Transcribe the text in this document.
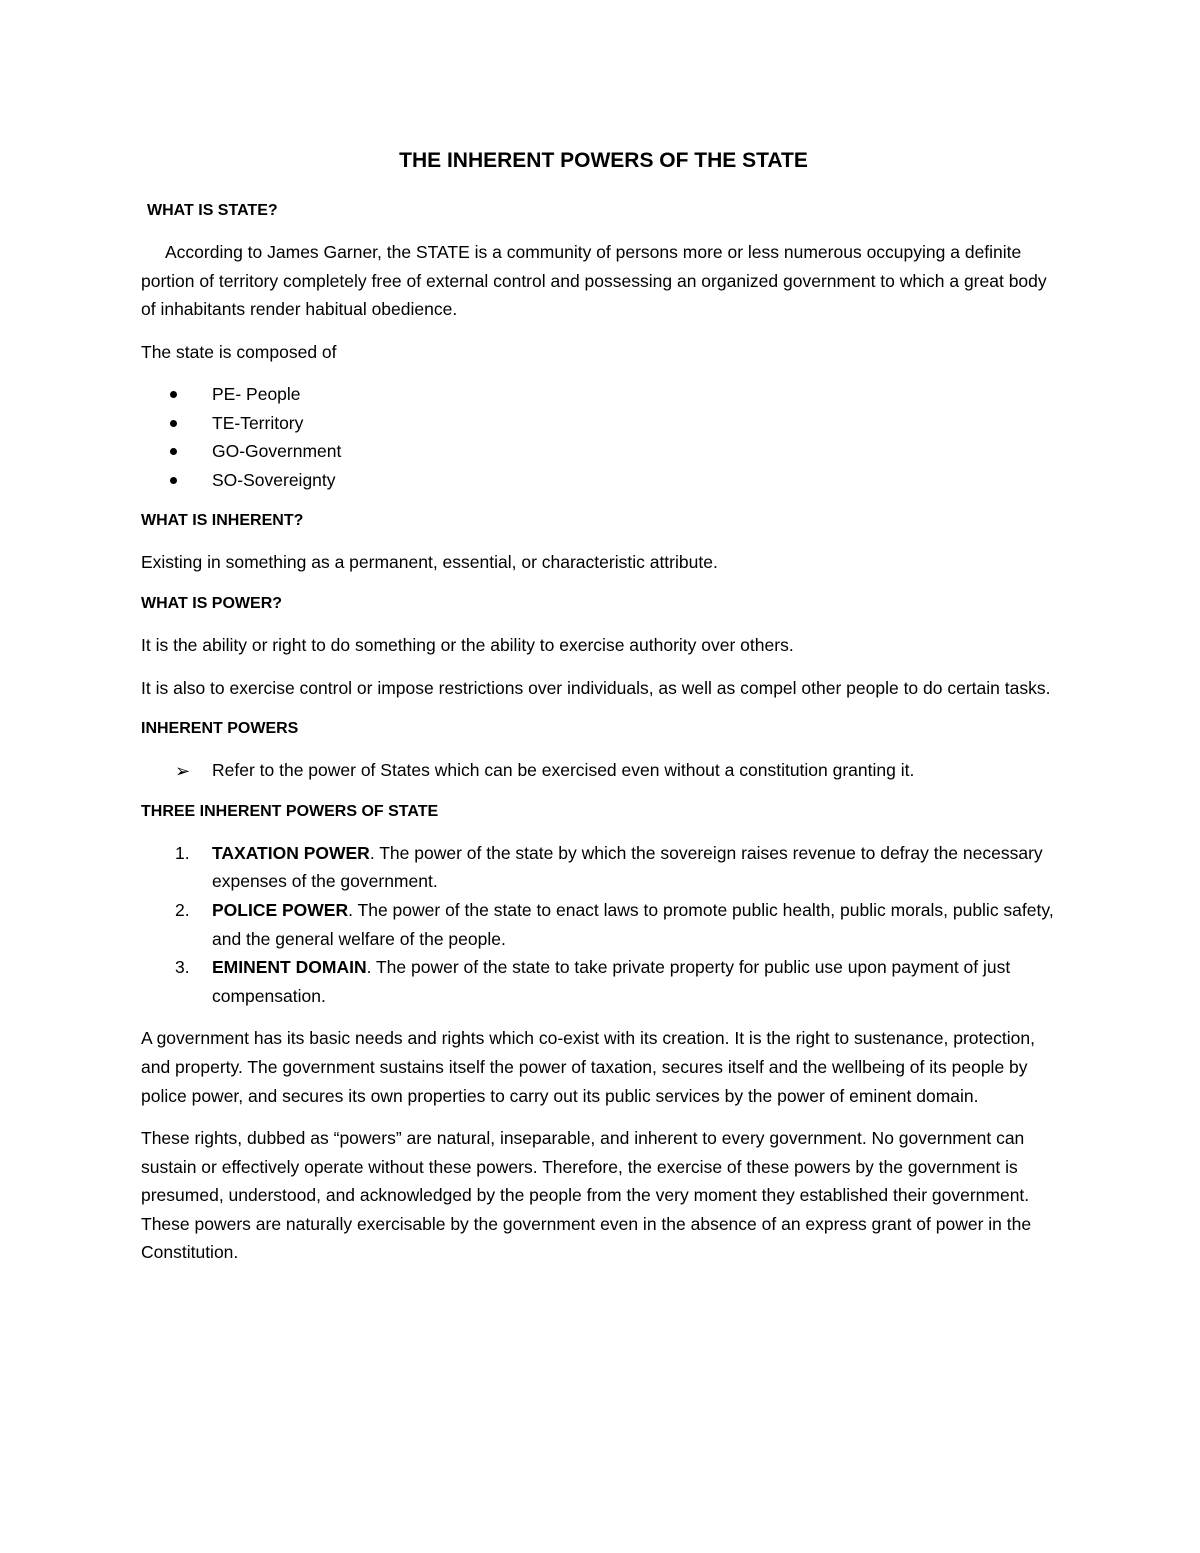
THE INHERENT POWERS OF THE STATE
WHAT IS STATE?

According to James Garner, the STATE is a community of persons more or less numerous occupying a definite portion of territory completely free of external control and possessing an organized government to which a great body of inhabitants render habitual obedience.

The state is composed of

PE- People
TE-Territory
GO-Government
SO-Sovereignty
WHAT IS INHERENT?

Existing in something as a permanent, essential, or characteristic attribute.

WHAT IS POWER?

It is the ability or right to do something or the ability to exercise authority over others.

It is also to exercise control or impose restrictions over individuals, as well as compel other people to do certain tasks.

INHERENT POWERS
➢ Refer to the power of States which can be exercised even without a constitution granting it.
THREE INHERENT POWERS OF STATE
1. TAXATION POWER. The power of the state by which the sovereign raises revenue to defray the necessary expenses of the government.
2. POLICE POWER. The power of the state to enact laws to promote public health, public morals, public safety, and the general welfare of the people.
3. EMINENT DOMAIN. The power of the state to take private property for public use upon payment of just compensation.

A government has its basic needs and rights which co-exist with its creation. It is the right to sustenance, protection, and property. The government sustains itself the power of taxation, secures itself and the wellbeing of its people by police power, and secures its own properties to carry out its public services by the power of eminent domain.

These rights, dubbed as “powers” are natural, inseparable, and inherent to every government. No government can sustain or effectively operate without these powers. Therefore, the exercise of these powers by the government is presumed, understood, and acknowledged by the people from the very moment they established their government. These powers are naturally exercisable by the government even in the absence of an express grant of power in the Constitution.
